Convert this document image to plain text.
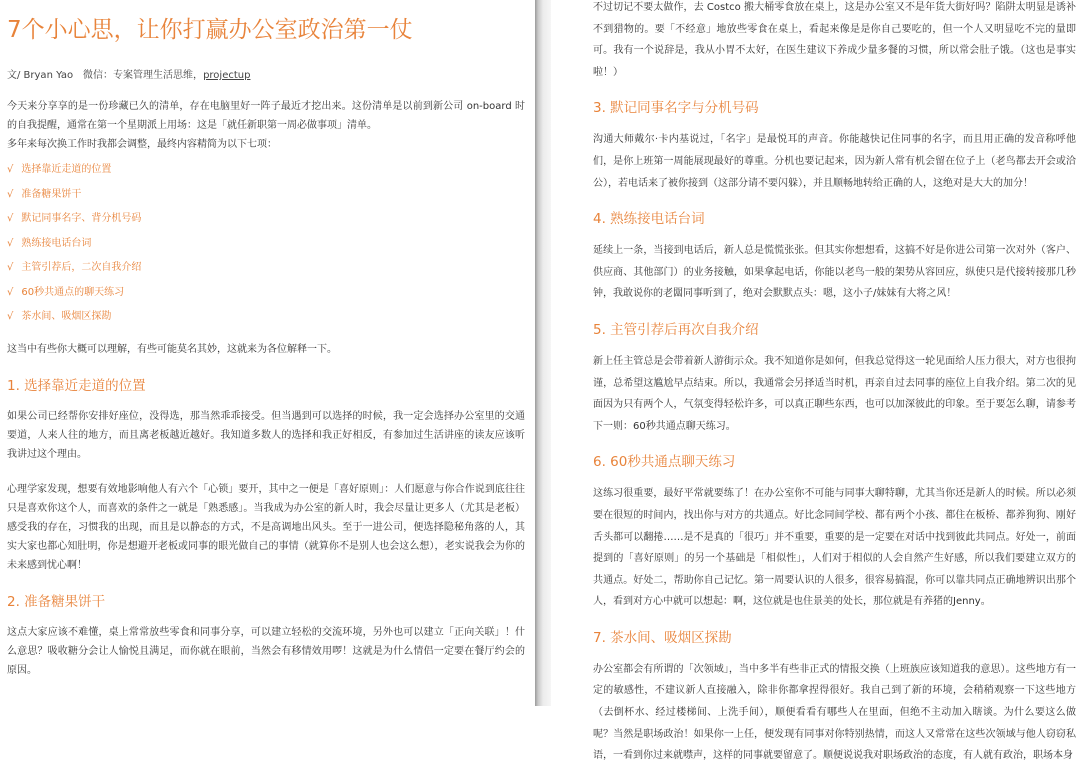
7个小心思，让你打赢办公室政治第一仗
文/ Bryan Yao　微信：专案管理生活思维，projectup

今天来分享享的是一份珍藏已久的清单，存在电脑里好一阵子最近才挖出来。这份清单是以前到新公司 on-board 时的自我提醒，通常在第一个星期派上用场：这是「就任新职第一周必做事项」清单。

多年来每次换工作时我都会调整，最终内容精简为以下七项：

√ 选择靠近走道的位置
√ 准备糖果饼干
√ 默记同事名字、背分机号码
√ 熟练接电话台词
√ 主管引荐后，二次自我介绍
√ 60秒共通点的聊天练习
√ 茶水间、吸烟区探勘

这当中有些你大概可以理解，有些可能莫名其妙，这就来为各位解释一下。

1. 选择靠近走道的位置

如果公司已经帮你安排好座位，没得选，那当然乖乖接受。但当遇到可以选择的时候，我一定会选择办公室里的交通要道，人来人往的地方，而且离老板越近越好。我知道多数人的选择和我正好相反，有参加过生活讲座的读友应该听我讲过这个理由。

心理学家发现，想要有效地影响他人有六个「心锁」要开，其中之一便是「喜好原则」：人们愿意与你合作说到底往往只是喜欢你这个人，而喜欢的条件之一就是「熟悉感」。当我成为办公室的新人时，我会尽量让更多人（尤其是老板）感受我的存在，习惯我的出现，而且是以静态的方式，不是高调地出风头。至于一进公司，便选择隐秘角落的人，其实大家也都心知肚明，你是想避开老板或同事的眼光做自己的事情（就算你不是别人也会这么想），老实说我会为你的未来感到忧心啊！

2. 准备糖果饼干

这点大家应该不难懂，桌上常常放些零食和同事分享，可以建立轻松的交流环境，另外也可以建立「正向关联」！什么意思？吸收糖分会让人愉悦且满足，而你就在眼前，当然会有移情效用啰！这就是为什么情侣一定要在餐厅约会的原因。

不过切记不要太做作，去 Costco 搬大桶零食放在桌上，这是办公室又不是年货大街好吗？陷阱太明显是诱补不到猎物的。要「不经意」地放些零食在桌上，看起来像是是你自己要吃的，但一个人又明显吃不完的量即可。我有一个说辞是，我从小胃不太好，在医生建议下养成少量多餐的习惯，所以常会肚子饿。（这也是事实啦！）

3. 默记同事名字与分机号码

沟通大师戴尔·卡内基说过，「名字」是最悦耳的声音。你能越快记住同事的名字，而且用正确的发音称呼他们，是你上班第一周能展现最好的尊重。分机也要记起来，因为新人常有机会留在位子上（老鸟都去开会或洽公），若电话来了被你接到（这部分请不要闪躲），并且顺畅地转给正确的人，这绝对是大大的加分！

4. 熟练接电话台词

延续上一条，当接到电话后，新人总是慌慌张张。但其实你想想看，这搞不好是你进公司第一次对外（客户、供应商、其他部门）的业务接触，如果拿起电话，你能以老鸟一般的架势从容回应，纵使只是代接转接那几秒钟，我敢说你的老闆同事听到了，绝对会默默点头：嗯，这小子/妹妹有大将之风！

5. 主管引荐后再次自我介绍

新上任主管总是会带着新人游街示众。我不知道你是如何，但我总觉得这一轮见面给人压力很大，对方也很拘谨，总希望这尴尬早点结束。所以，我通常会另择适当时机，再亲自过去同事的座位上自我介绍。第二次的见面因为只有两个人，气氛变得轻松许多，可以真正聊些东西，也可以加深彼此的印象。至于要怎么聊，请参考下一则：60秒共通点聊天练习。

6. 60秒共通点聊天练习

这练习很重要，最好平常就要练了！在办公室你不可能与同事大聊特聊，尤其当你还是新人的时候。所以必须要在很短的时间内，找出你与对方的共通点。好比念同间学校、都有两个小孩、都住在板桥、都养狗狗、刚好舌头都可以翻捲……是不是真的「很巧」并不重要，重要的是一定要在对话中找到彼此共同点。好处一，前面提到的「喜好原则」的另一个基础是「相似性」，人们对于相似的人会自然产生好感，所以我们要建立双方的共通点。好处二，帮助你自己记忆。第一周要认识的人很多，很容易搞混，你可以靠共同点正确地辨识出那个人，看到对方心中就可以想起：啊，这位就是也住景美的处长，那位就是有养猪的Jenny。

7. 茶水间、吸烟区探勘

办公室都会有所谓的「次领域」，当中多半有些非正式的情报交换（上班族应该知道我的意思）。这些地方有一定的敏感性，不建议新人直接融入，除非你都拿捏得很好。我自己到了新的环境，会稍稍观察一下这些地方（去倒杯水、经过楼梯间、上洗手间），顺便看看有哪些人在里面，但绝不主动加入瞎谈。为什么要这么做呢？当然是职场政治！如果你一上任，便发现有同事对你特别热情，而这人又常常在这些次领域与他人窃窃私语，一看到你过来就噤声，这样的同事就要留意了。顺便说说我对职场政治的态度，有人就有政治，职场本身
